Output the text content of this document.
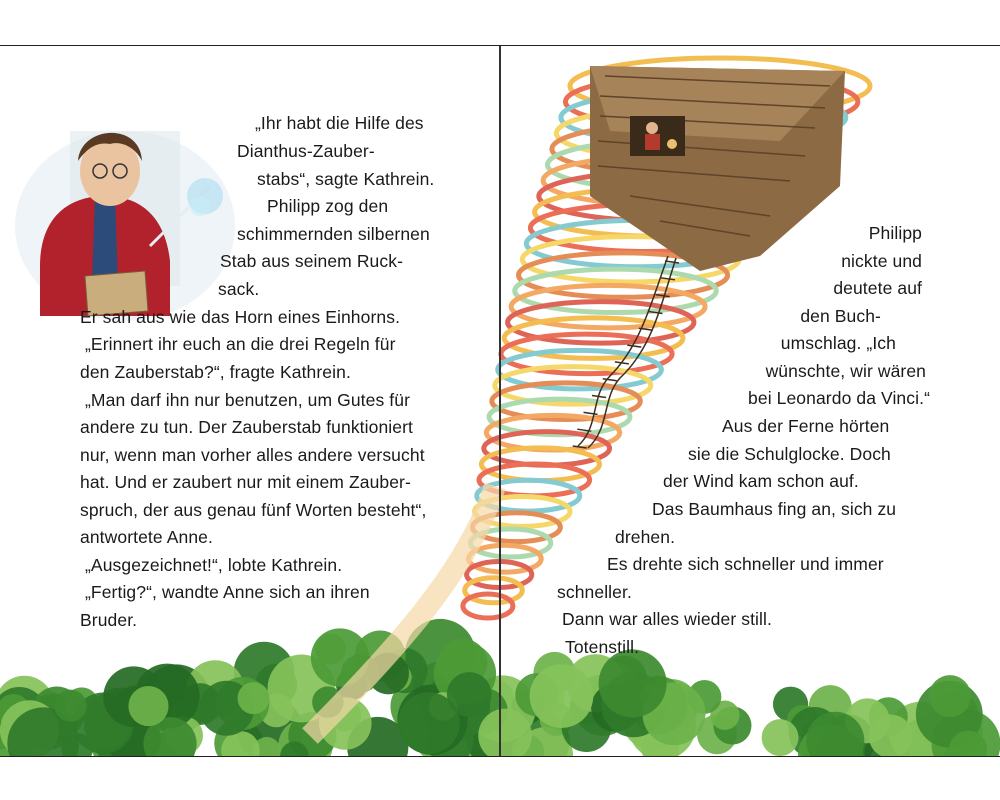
„Ihr habt die Hilfe des
Dianthus-Zauber-
stabs“, sagte Kathrein.
Philipp zog den
schimmernden silbernen
Stab aus seinem Ruck-
sack.
Er sah aus wie das Horn eines Einhorns.
„Erinnert ihr euch an die drei Regeln für
den Zauberstab?“, fragte Kathrein.
„Man darf ihn nur benutzen, um Gutes für
andere zu tun. Der Zauberstab funktioniert
nur, wenn man vorher alles andere versucht
hat. Und er zaubert nur mit einem Zauber-
spruch, der aus genau fünf Worten besteht“,
antwortete Anne.
„Ausgezeichnet!“, lobte Kathrein.
„Fertig?“, wandte Anne sich an ihren
Bruder.
Philipp
nickte und
deutete auf
den Buch-
umschlag. „Ich
wünschte, wir wären
bei Leonardo da Vinci.“
Aus der Ferne hörten
sie die Schulglocke. Doch
der Wind kam schon auf.
Das Baumhaus fing an, sich zu
drehen.
Es drehte sich schneller und immer
schneller.
Dann war alles wieder still.
Totenstill.
